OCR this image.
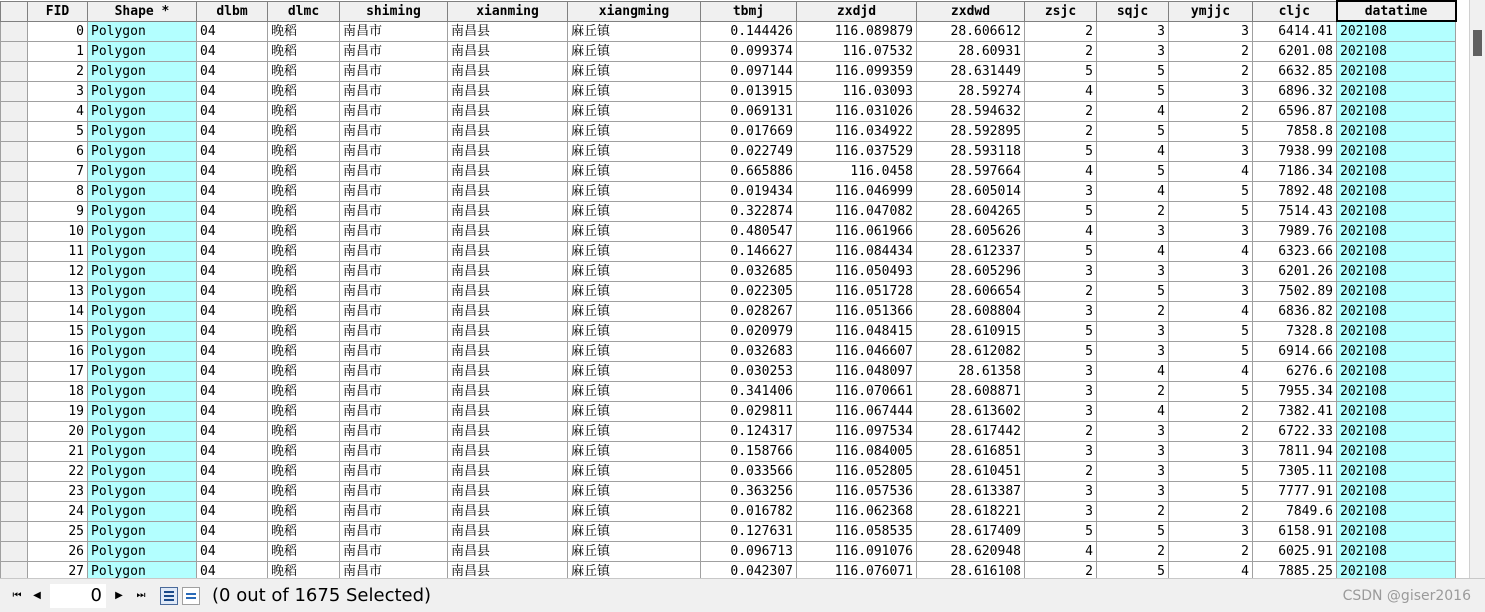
	FID	Shape *	dlbm	dlmc	shiming	xianming	xiangming	tbmj	zxdjd	zxdwd	zsjc	sqjc	ymjjc	cljc	datatime
	0	Polygon	04	晚稻	南昌市	南昌县	麻丘镇	0.144426	116.089879	28.606612	2	3	3	6414.41	202108
	1	Polygon	04	晚稻	南昌市	南昌县	麻丘镇	0.099374	116.07532	28.60931	2	3	2	6201.08	202108
	2	Polygon	04	晚稻	南昌市	南昌县	麻丘镇	0.097144	116.099359	28.631449	5	5	2	6632.85	202108
	3	Polygon	04	晚稻	南昌市	南昌县	麻丘镇	0.013915	116.03093	28.59274	4	5	3	6896.32	202108
	4	Polygon	04	晚稻	南昌市	南昌县	麻丘镇	0.069131	116.031026	28.594632	2	4	2	6596.87	202108
	5	Polygon	04	晚稻	南昌市	南昌县	麻丘镇	0.017669	116.034922	28.592895	2	5	5	7858.8	202108
	6	Polygon	04	晚稻	南昌市	南昌县	麻丘镇	0.022749	116.037529	28.593118	5	4	3	7938.99	202108
	7	Polygon	04	晚稻	南昌市	南昌县	麻丘镇	0.665886	116.0458	28.597664	4	5	4	7186.34	202108
	8	Polygon	04	晚稻	南昌市	南昌县	麻丘镇	0.019434	116.046999	28.605014	3	4	5	7892.48	202108
	9	Polygon	04	晚稻	南昌市	南昌县	麻丘镇	0.322874	116.047082	28.604265	5	2	5	7514.43	202108
	10	Polygon	04	晚稻	南昌市	南昌县	麻丘镇	0.480547	116.061966	28.605626	4	3	3	7989.76	202108
	11	Polygon	04	晚稻	南昌市	南昌县	麻丘镇	0.146627	116.084434	28.612337	5	4	4	6323.66	202108
	12	Polygon	04	晚稻	南昌市	南昌县	麻丘镇	0.032685	116.050493	28.605296	3	3	3	6201.26	202108
	13	Polygon	04	晚稻	南昌市	南昌县	麻丘镇	0.022305	116.051728	28.606654	2	5	3	7502.89	202108
	14	Polygon	04	晚稻	南昌市	南昌县	麻丘镇	0.028267	116.051366	28.608804	3	2	4	6836.82	202108
	15	Polygon	04	晚稻	南昌市	南昌县	麻丘镇	0.020979	116.048415	28.610915	5	3	5	7328.8	202108
	16	Polygon	04	晚稻	南昌市	南昌县	麻丘镇	0.032683	116.046607	28.612082	5	3	5	6914.66	202108
	17	Polygon	04	晚稻	南昌市	南昌县	麻丘镇	0.030253	116.048097	28.61358	3	4	4	6276.6	202108
	18	Polygon	04	晚稻	南昌市	南昌县	麻丘镇	0.341406	116.070661	28.608871	3	2	5	7955.34	202108
	19	Polygon	04	晚稻	南昌市	南昌县	麻丘镇	0.029811	116.067444	28.613602	3	4	2	7382.41	202108
	20	Polygon	04	晚稻	南昌市	南昌县	麻丘镇	0.124317	116.097534	28.617442	2	3	2	6722.33	202108
	21	Polygon	04	晚稻	南昌市	南昌县	麻丘镇	0.158766	116.084005	28.616851	3	3	3	7811.94	202108
	22	Polygon	04	晚稻	南昌市	南昌县	麻丘镇	0.033566	116.052805	28.610451	2	3	5	7305.11	202108
	23	Polygon	04	晚稻	南昌市	南昌县	麻丘镇	0.363256	116.057536	28.613387	3	3	5	7777.91	202108
	24	Polygon	04	晚稻	南昌市	南昌县	麻丘镇	0.016782	116.062368	28.618221	3	2	2	7849.6	202108
	25	Polygon	04	晚稻	南昌市	南昌县	麻丘镇	0.127631	116.058535	28.617409	5	5	3	6158.91	202108
	26	Polygon	04	晚稻	南昌市	南昌县	麻丘镇	0.096713	116.091076	28.620948	4	2	2	6025.91	202108
	27	Polygon	04	晚稻	南昌市	南昌县	麻丘镇	0.042307	116.076071	28.616108	2	5	4	7885.25	202108
⏮	◀	0	▶	⏭	(0 out of 1675 Selected)	CSDN @giser2016
